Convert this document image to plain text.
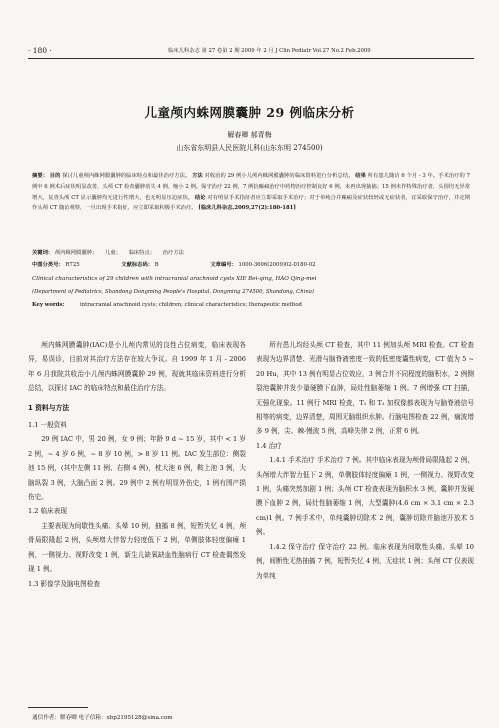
· 180 ·	临床儿科杂志 第 27 卷第 2 期 2009 年 2 月 J Clin Pediatr Vol.27 No.2 Feb.2009
儿童颅内蛛网膜囊肿 29 例临床分析
解春卿 郝青梅
山东省东明县人民医院儿科(山东东明 274500)
摘要： 目的 探讨儿童颅内蛛网膜囊肿的临床特点和最佳治疗方法。 方法 对收治的 29 例小儿颅内蛛网膜囊肿的临床资料进行分析总结。 结果 所有患儿随访 6 个月 - 3 年。手术治疗的 7 例中 6 例术后症状明显改善，头颅 CT 检查囊肿消失 4 例、缩小 2 例。保守治疗 22 例，7 例抗癫痫治疗中药物治疗控制良好 6 例，未再出现抽搐；15 例未作特殊治疗者，头围均无异常增大，复查头颅 CT 显示囊肿均无进行性增大，也无明显压迫症状。 结论 对有明显手术指征者应立即采取手术治疗；对于单纯合并癫痫及症状较轻或无症状者，宜采取保守治疗，并定期作头颅 CT 随访观察，一旦出现手术指征，应立即采取积极手术治疗。 [临床儿科杂志,2009,27(2):180-181]
关键词： 颅内蛛网膜囊肿； 儿童； 临床特点； 治疗方法
中图分类号： R725	文献标志码： B	文章编号： 1000-3606(2009)02-0180-02
Clinical characteristics of 29 children with intracranial arachnoid cysts XIE Bei-qing, HAO Qing-mei
(Department of Pediatrics, Shandong Dongming People's Hospital, Dongming 274500, Shandong, China)
Key words:	intracranial arachnoid cysts; children; clinical characteristics; therapeutic method

颅内蛛网膜囊肿(IAC)是小儿颅内常见的良性占位病变，临床表现各异，易误诊，目前对其治疗方法存在较大争议。自 1999 年 1 月 - 2006 年 6 月我院共收治小儿颅内蛛网膜囊肿 29 例，现就其临床资料进行分析总结，以探讨 IAC 的临床特点和最佳治疗方法。

1 资料与方法

1.1 一般资料

29 例 IAC 中，男 20 例，女 9 例；年龄 9 d ~ 15 岁，其中 < 1 岁 2 例，~ 4 岁 6 例，~ 8 岁 10 例，> 8 岁 11 例。IAC 发生部位：侧裂池 15 例，(其中左侧 11 例、右侧 4 例)，枕大池 6 例，鞍上池 3 例，大脑纵裂 3 例，大脑凸面 2 例。29 例中 2 例有明显外伤史，1 例有围产损伤史。

1.2 临床表现

主要表现为间歇性头痛、头晕 10 例，抽搐 8 例，短暂失忆 4 例，颅骨局限隆起 2 例，头颅增大伴智力轻度低下 2 例，单侧肢体轻度偏瘫 1 例，一侧视力、视野改变 1 例，新生儿缺氧缺血性脑病行 CT 检查偶然发现 1 例。

1.3 影像学及脑电图检查

所有患儿均经头颅 CT 检查，其中 11 例加头颅 MRI 检查。CT 检查表现为边界清楚、光滑与脑脊液密度一致的低密度囊性病变，CT 值为 5 ~ 20 Hu，其中 13 例有明显占位效应，3 例合并不同程度的脑积水，2 例侧裂池囊肿并发少量硬膜下血肿，局灶性脑萎缩 1 例。7 例增强 CT 扫描，无强化现象。11 例行 MRI 检查，T₁ 和 T₂ 加权像都表现为与脑脊液信号相等的病变，边界清楚，周围无脑组织水肿。行脑电图检查 22 例，痫波增多 9 例，尖、棘-慢波 5 例，高峰失律 2 例，正常 6 例。

1.4 治疗

1.4.1 手术治疗 手术治疗 7 例。其中临床表现为颅骨局限隆起 2 例，头颅增大伴智力低下 2 例，单侧肢体轻度偏瘫 1 例，一侧视力、视野改变 1 例，头痛突然加剧 1 例；头颅 CT 检查表现为脑积水 3 例，囊肿并发硬膜下血肿 2 例，局灶性脑萎缩 1 例，大型囊肿(4.6 cm × 3.1 cm × 2.3 cm)1 例。7 例手术中，单纯囊肿切除术 2 例，囊肿切除并脑池开放术 5 例。

1.4.2 保守治疗 保守治疗 22 例。临床表现为间歇性头痛、头晕 10 例，间断性无热抽搐 7 例，短暂失忆 4 例，无症状 1 例；头颅 CT 仅表现为单纯

通信作者：解春卿 电子信箱：xbp2195128@sina.com
